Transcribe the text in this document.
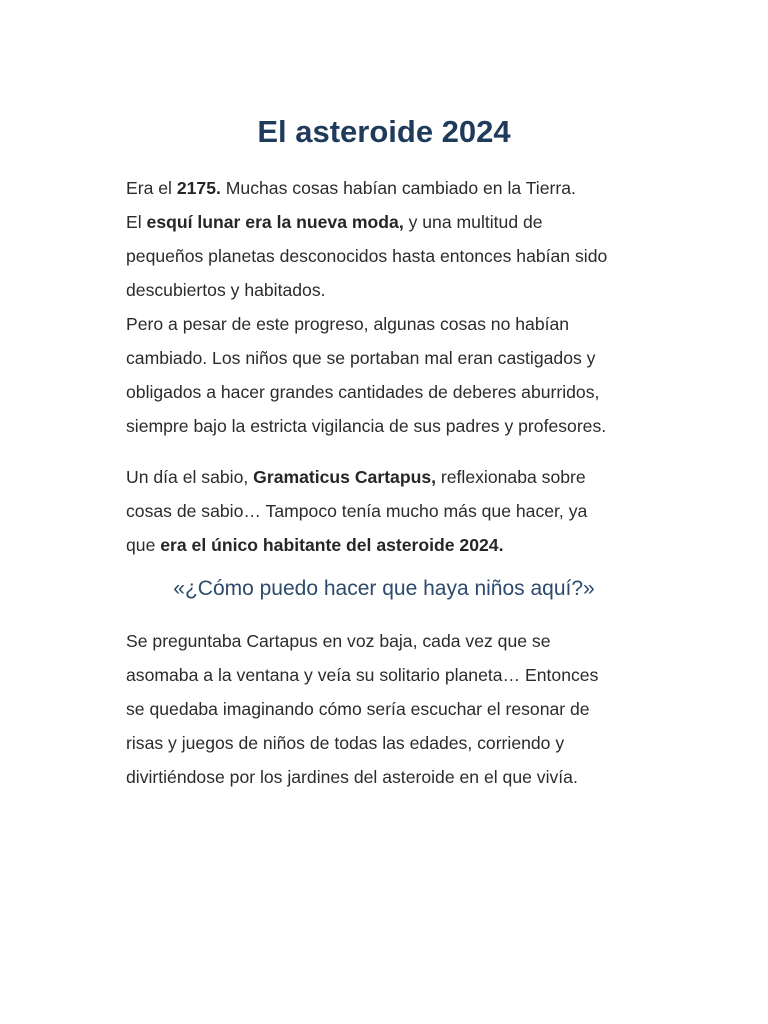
El asteroide 2024
Era el 2175. Muchas cosas habían cambiado en la Tierra.
El esquí lunar era la nueva moda, y una multitud de
pequeños planetas desconocidos hasta entonces habían sido
descubiertos y habitados.
Pero a pesar de este progreso, algunas cosas no habían
cambiado. Los niños que se portaban mal eran castigados y
obligados a hacer grandes cantidades de deberes aburridos,
siempre bajo la estricta vigilancia de sus padres y profesores.
Un día el sabio, Gramaticus Cartapus, reflexionaba sobre
cosas de sabio… Tampoco tenía mucho más que hacer, ya
que era el único habitante del asteroide 2024.

«¿Cómo puedo hacer que haya niños aquí?»

Se preguntaba Cartapus en voz baja, cada vez que se
asomaba a la ventana y veía su solitario planeta… Entonces
se quedaba imaginando cómo sería escuchar el resonar de
risas y juegos de niños de todas las edades, corriendo y
divirtiéndose por los jardines del asteroide en el que vivía.
